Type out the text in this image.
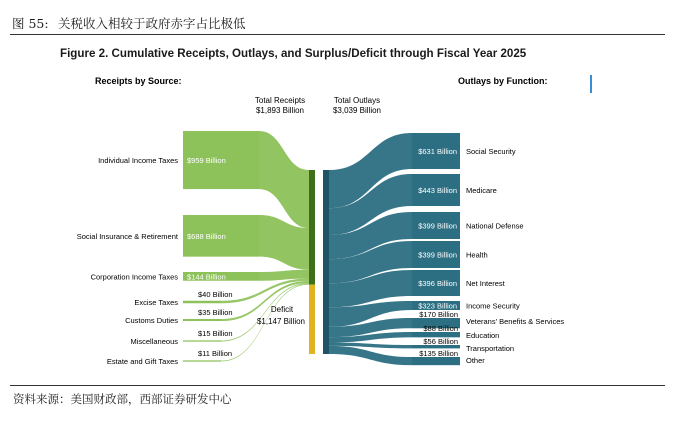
图 55: 关税收入相较于政府赤字占比极低
Figure 2. Cumulative Receipts, Outlays, and Surplus/Deficit through Fiscal Year 2025
Receipts by Source:	Outlays by Function:
Total Receipts
$1,893 Billion
Total Outlays
$3,039 Billion
$959 Billion
Individual Income Taxes
$688 Billion
Social Insurance & Retirement
$144 Billion
Corporation Income Taxes
$40 Billion
Excise Taxes
$35 Billion
Customs Duties
$15 Billion
Miscellaneous
$11 Billion
Estate and Gift Taxes
Deficit
$1,147 Billion
$631 Billion Social Security
$443 Billion Medicare
$399 Billion National Defense
$399 Billion Health
$396 Billion Net Interest
$323 Billion Income Security
$170 Billion
Veterans' Benefits & Services
$88 Billion
Education
$56 Billion
Transportation
$135 Billion
Other
资料来源：美国财政部，西部证券研发中心
